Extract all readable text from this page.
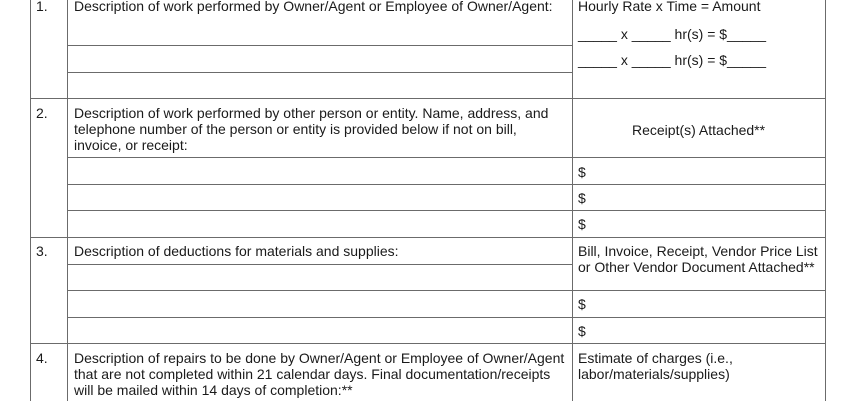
1. Description of work performed by Owner/Agent or Employee of Owner/Agent: Hourly Rate x Time = Amount
_____ x _____ hr(s) = $_____
_____ x _____ hr(s) = $_____
2. Description of work performed by other person or entity. Name, address, and telephone number of the person or entity is provided below if not on bill, invoice, or receipt:
Receipt(s) Attached**
$
$
$
3. Description of deductions for materials and supplies:	Bill, Invoice, Receipt, Vendor Price List or Other Vendor Document Attached**
$
$
4. Description of repairs to be done by Owner/Agent or Employee of Owner/Agent that are not completed within 21 calendar days. Final documentation/receipts will be mailed within 14 days of completion:**
Estimate of charges (i.e., labor/materials/supplies)
